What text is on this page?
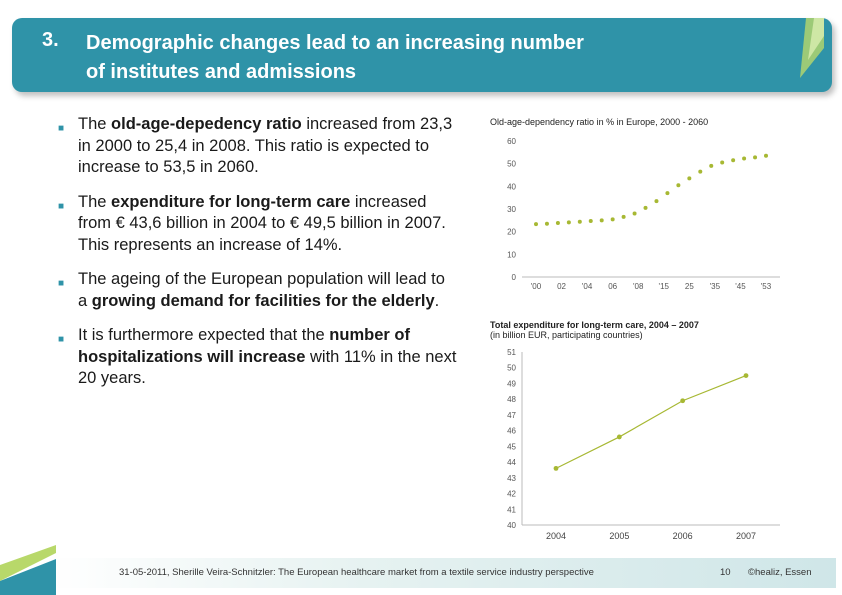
3. Demographic changes lead to an increasing number
of institutes and admissions
■ The old-age-depedency ratio increased from 23,3 in 2000 to 25,4 in 2008. This ratio is expected to increase to 53,5 in 2060.
■ The expenditure for long-term care increased from € 43,6 billion in 2004 to € 49,5 billion in 2007. This represents an increase of 14%.
■ The ageing of the European population will lead to a growing demand for facilities for the elderly.
■ It is furthermore expected that the number of hospitalizations will increase with 11% in the next 20 years.
Old-age-dependency ratio in % in Europe, 2000 - 2060
0
10
20
30
40
50
60
'00 02 '04 06 '08 '15 25 '35 '45 '53
Total expenditure for long-term care, 2004 – 2007
(in billion EUR, participating countries)
40
41
42
43
44
45
46
47
48
49
50
51
2004	2005	2006	2007
31-05-2011, Sherille Veira-Schnitzler: The European healthcare market from a textile service industry perspective	10 ©healiz, Essen
